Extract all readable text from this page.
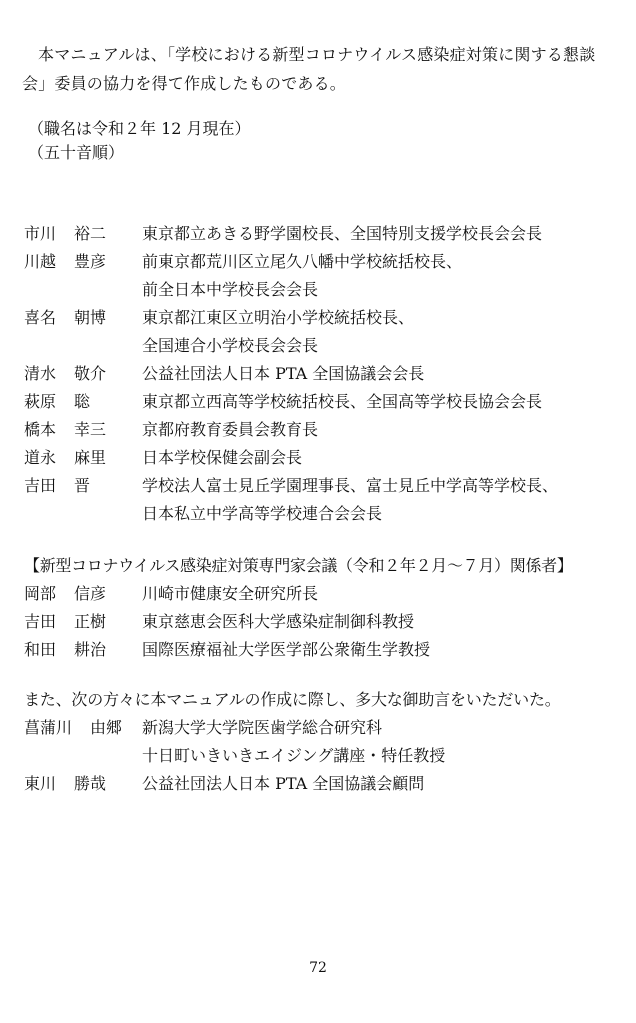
本マニュアルは、「学校における新型コロナウイルス感染症対策に関する懇談会」委員の協力を得て作成したものである。
（職名は令和２年 12 月現在）
（五十音順）
市川	裕二	東京都立あきる野学園校長、全国特別支援学校長会会長
川越	豊彦	前東京都荒川区立尾久八幡中学校統括校長、
前全日本中学校長会会長
喜名	朝博	東京都江東区立明治小学校統括校長、
全国連合小学校長会会長
清水	敬介	公益社団法人日本 PTA 全国協議会会長
萩原	聡	東京都立西高等学校統括校長、全国高等学校長協会会長
橋本	幸三	京都府教育委員会教育長
道永	麻里	日本学校保健会副会長
吉田	晋	学校法人富士見丘学園理事長、富士見丘中学高等学校長、
日本私立中学高等学校連合会会長
【新型コロナウイルス感染症対策専門家会議（令和２年２月～７月）関係者】
岡部	信彦	川崎市健康安全研究所長
吉田	正樹	東京慈恵会医科大学感染症制御科教授
和田	耕治	国際医療福祉大学医学部公衆衛生学教授
また、次の方々に本マニュアルの作成に際し、多大な御助言をいただいた。
菖蒲川	由郷	新潟大学大学院医歯学総合研究科
十日町いきいきエイジング講座・特任教授
東川	勝哉	公益社団法人日本 PTA 全国協議会顧問
72
